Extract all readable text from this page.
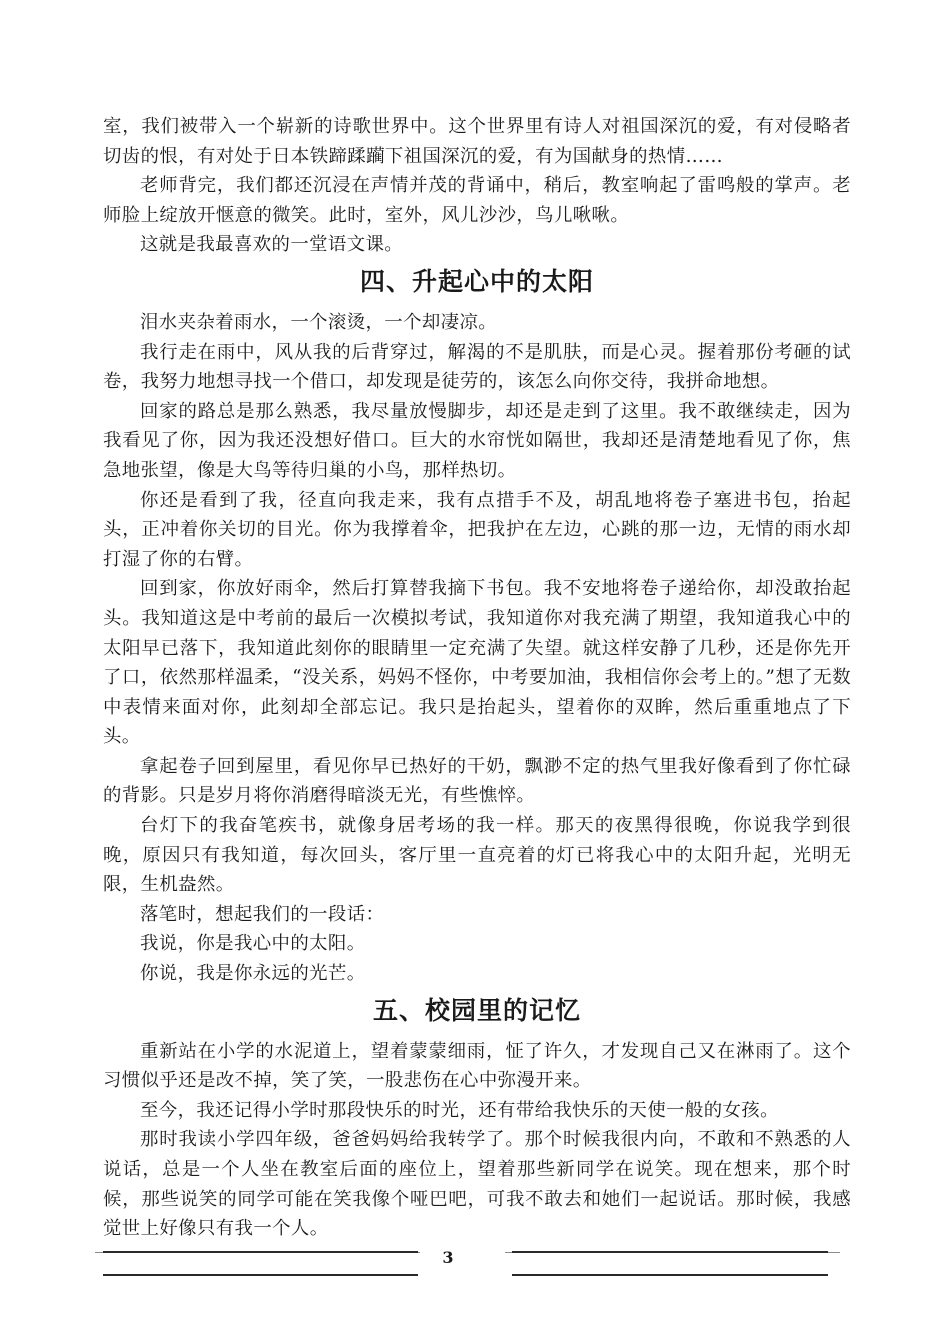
室，我们被带入一个崭新的诗歌世界中。这个世界里有诗人对祖国深沉的爱，有对侵略者切齿的恨，有对处于日本铁蹄蹂躏下祖国深沉的爱，有为国献身的热情……

老师背完，我们都还沉浸在声情并茂的背诵中，稍后，教室响起了雷鸣般的掌声。老师脸上绽放开惬意的微笑。此时，室外，风儿沙沙，鸟儿啾啾。

这就是我最喜欢的一堂语文课。

四、升起心中的太阳

泪水夹杂着雨水，一个滚烫，一个却凄凉。

我行走在雨中，风从我的后背穿过，解渴的不是肌肤，而是心灵。握着那份考砸的试卷，我努力地想寻找一个借口，却发现是徒劳的，该怎么向你交待，我拼命地想。

回家的路总是那么熟悉，我尽量放慢脚步，却还是走到了这里。我不敢继续走，因为我看见了你，因为我还没想好借口。巨大的水帘恍如隔世，我却还是清楚地看见了你，焦急地张望，像是大鸟等待归巢的小鸟，那样热切。

你还是看到了我，径直向我走来，我有点措手不及，胡乱地将卷子塞进书包，抬起头，正冲着你关切的目光。你为我撑着伞，把我护在左边，心跳的那一边，无情的雨水却打湿了你的右臂。

回到家，你放好雨伞，然后打算替我摘下书包。我不安地将卷子递给你，却没敢抬起头。我知道这是中考前的最后一次模拟考试，我知道你对我充满了期望，我知道我心中的太阳早已落下，我知道此刻你的眼睛里一定充满了失望。就这样安静了几秒，还是你先开了口，依然那样温柔，“没关系，妈妈不怪你，中考要加油，我相信你会考上的。”想了无数中表情来面对你，此刻却全部忘记。我只是抬起头，望着你的双眸，然后重重地点了下头。

拿起卷子回到屋里，看见你早已热好的干奶，飘渺不定的热气里我好像看到了你忙碌的背影。只是岁月将你消磨得暗淡无光，有些憔悴。

台灯下的我奋笔疾书，就像身居考场的我一样。那天的夜黑得很晚，你说我学到很晚，原因只有我知道，每次回头，客厅里一直亮着的灯已将我心中的太阳升起，光明无限，生机盎然。

落笔时，想起我们的一段话：

我说，你是我心中的太阳。

你说，我是你永远的光芒。

五、校园里的记忆

重新站在小学的水泥道上，望着蒙蒙细雨，怔了许久，才发现自己又在淋雨了。这个习惯似乎还是改不掉，笑了笑，一股悲伤在心中弥漫开来。

至今，我还记得小学时那段快乐的时光，还有带给我快乐的天使一般的女孩。

那时我读小学四年级，爸爸妈妈给我转学了。那个时候我很内向，不敢和不熟悉的人说话，总是一个人坐在教室后面的座位上，望着那些新同学在说笑。现在想来，那个时候，那些说笑的同学可能在笑我像个哑巴吧，可我不敢去和她们一起说话。那时候，我感觉世上好像只有我一个人。

3
